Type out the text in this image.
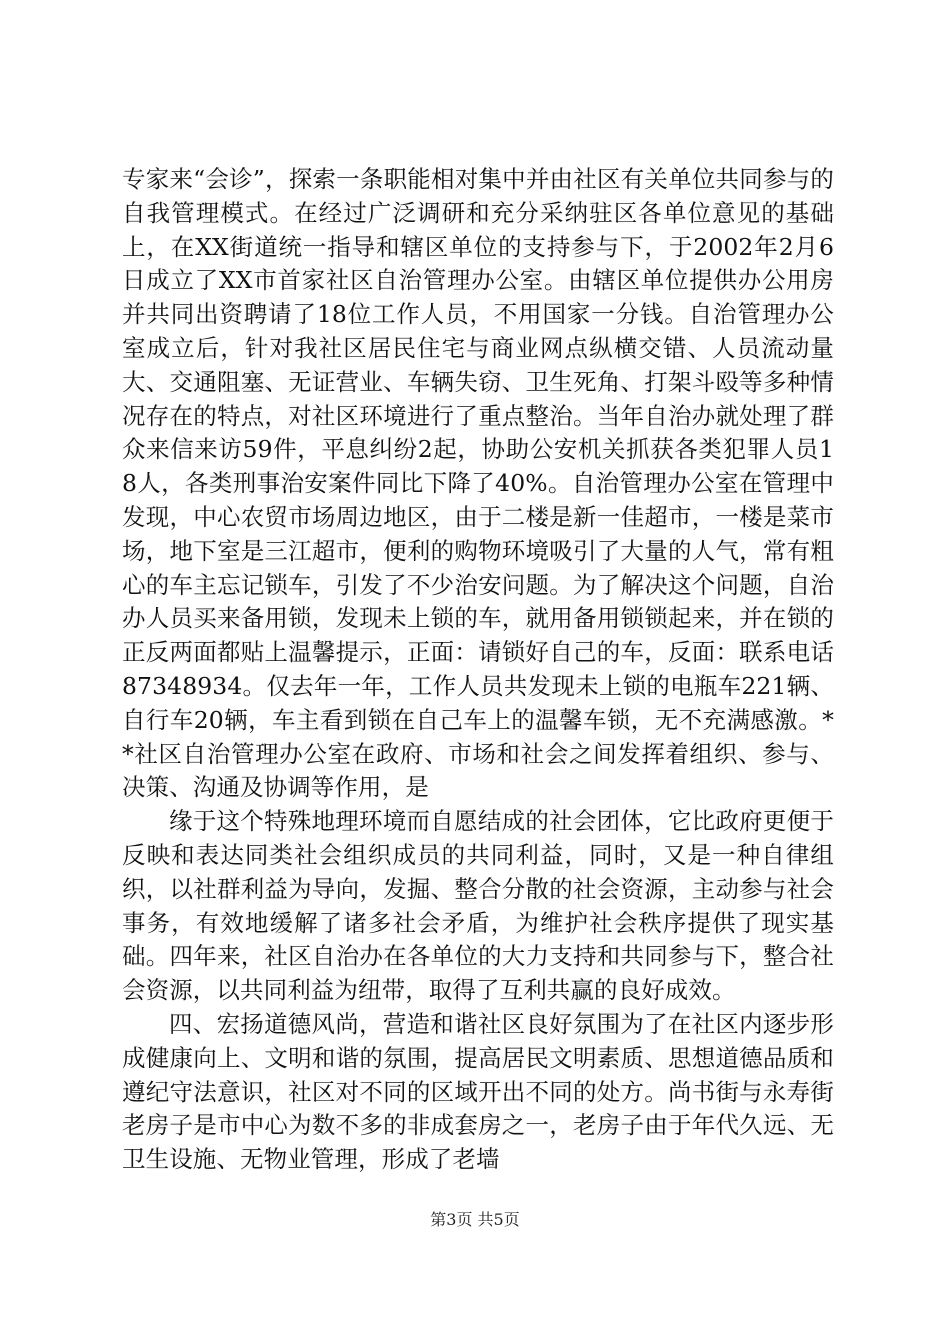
专家来“会诊”，探索一条职能相对集中并由社区有关单位共同参与的自我管理模式。在经过广泛调研和充分采纳驻区各单位意见的基础上，在XX街道统一指导和辖区单位的支持参与下，于2002年2月6日成立了XX市首家社区自治管理办公室。由辖区单位提供办公用房并共同出资聘请了18位工作人员，不用国家一分钱。自治管理办公室成立后，针对我社区居民住宅与商业网点纵横交错、人员流动量大、交通阻塞、无证营业、车辆失窃、卫生死角、打架斗殴等多种情况存在的特点，对社区环境进行了重点整治。当年自治办就处理了群众来信来访59件，平息纠纷2起，协助公安机关抓获各类犯罪人员18人，各类刑事治安案件同比下降了40%。自治管理办公室在管理中发现，中心农贸市场周边地区，由于二楼是新一佳超市，一楼是菜市场，地下室是三江超市，便利的购物环境吸引了大量的人气，常有粗心的车主忘记锁车，引发了不少治安问题。为了解决这个问题，自治办人员买来备用锁，发现未上锁的车，就用备用锁锁起来，并在锁的正反两面都贴上温馨提示，正面：请锁好自己的车，反面：联系电话87348934。仅去年一年，工作人员共发现未上锁的电瓶车221辆、自行车20辆，车主看到锁在自己车上的温馨车锁，无不充满感激。**社区自治管理办公室在政府、市场和社会之间发挥着组织、参与、决策、沟通及协调等作用，是

缘于这个特殊地理环境而自愿结成的社会团体，它比政府更便于反映和表达同类社会组织成员的共同利益，同时，又是一种自律组织，以社群利益为导向，发掘、整合分散的社会资源，主动参与社会事务，有效地缓解了诸多社会矛盾，为维护社会秩序提供了现实基础。四年来，社区自治办在各单位的大力支持和共同参与下，整合社会资源，以共同利益为纽带，取得了互利共赢的良好成效。

四、宏扬道德风尚，营造和谐社区良好氛围为了在社区内逐步形成健康向上、文明和谐的氛围，提高居民文明素质、思想道德品质和遵纪守法意识，社区对不同的区域开出不同的处方。尚书街与永寿街老房子是市中心为数不多的非成套房之一，老房子由于年代久远、无卫生设施、无物业管理，形成了老墙

第3页 共5页
